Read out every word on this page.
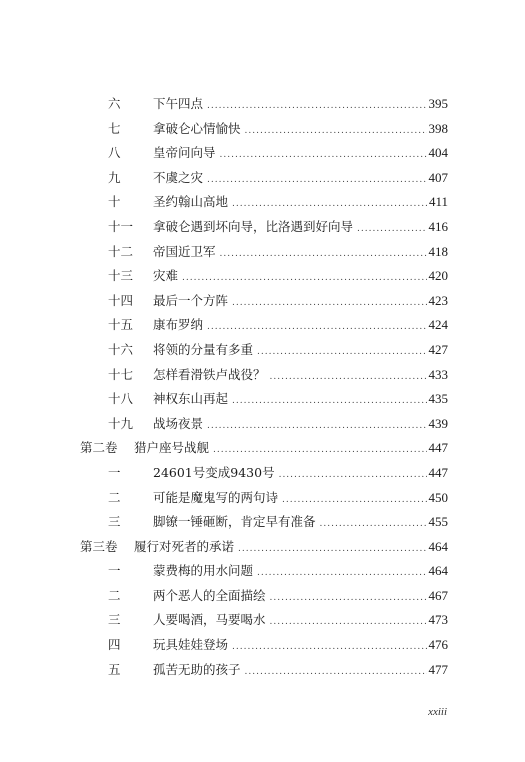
六	下午四点 .....	395
七	拿破仑心情愉快 .....	398
八	皇帝问向导 .....	404
九	不虞之灾 .....	407
十	圣约翰山高地 .....	411
十一	拿破仑遇到坏向导，比洛遇到好向导 .....	416
十二	帝国近卫军 .....	418
十三	灾难 .....	420
十四	最后一个方阵 .....	423
十五	康布罗纳 .....	424
十六	将领的分量有多重 .....	427
十七	怎样看滑铁卢战役？ .....	433
十八	神权东山再起 .....	435
十九	战场夜景 .....	439
第二卷	猎户座号战舰 .....	447
一	24601号变成9430号 .....	447
二	可能是魔鬼写的两句诗 .....	450
三	脚镣一锤砸断，肯定早有准备 .....	455
第三卷	履行对死者的承诺 .....	464
一	蒙费梅的用水问题 .....	464
二	两个恶人的全面描绘 .....	467
三	人要喝酒，马要喝水 .....	473
四	玩具娃娃登场 .....	476
五	孤苦无助的孩子 .....	477
xxiii
